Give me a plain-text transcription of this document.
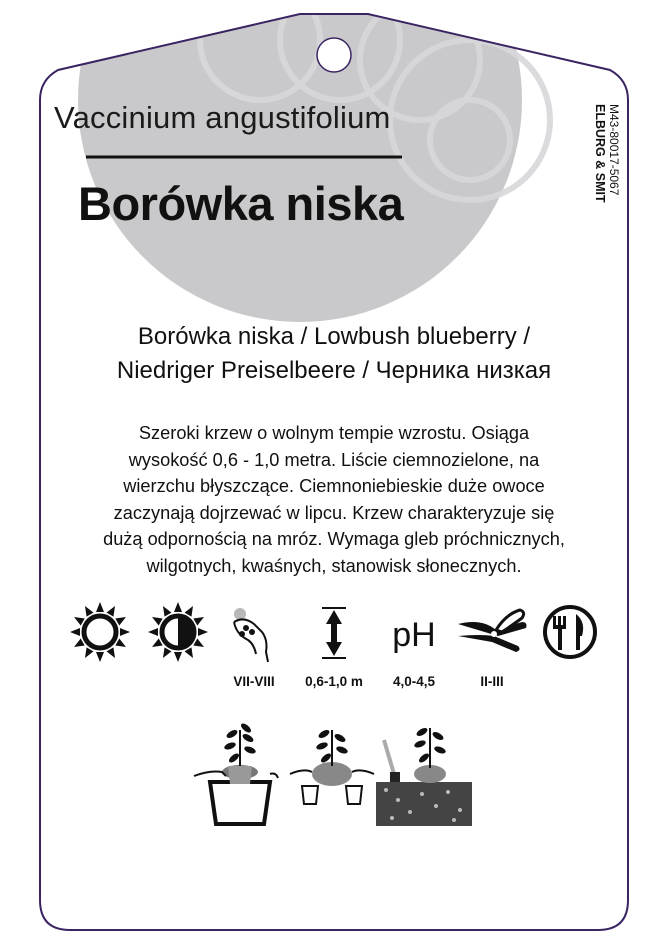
pH
Vaccinium angustifolium
Borówka niska
Borówka niska / Lowbush blueberry /
Niedriger Preiselbeere / Черника низкая
Szeroki krzew o wolnym tempie wzrostu. Osiąga
wysokość 0,6 - 1,0 metra. Liście ciemnozielone, na
wierzchu błyszczące. Ciemnoniebieskie duże owoce
zaczynają dojrzewać w lipcu. Krzew charakteryzuje się
dużą odpornością na mróz. Wymaga gleb próchnicznych,
wilgotnych, kwaśnych, stanowisk słonecznych.
ELBURG & SMIT M43-80017-5067
VII-VIII	0,6-1,0 m	4,0-4,5	II-III
